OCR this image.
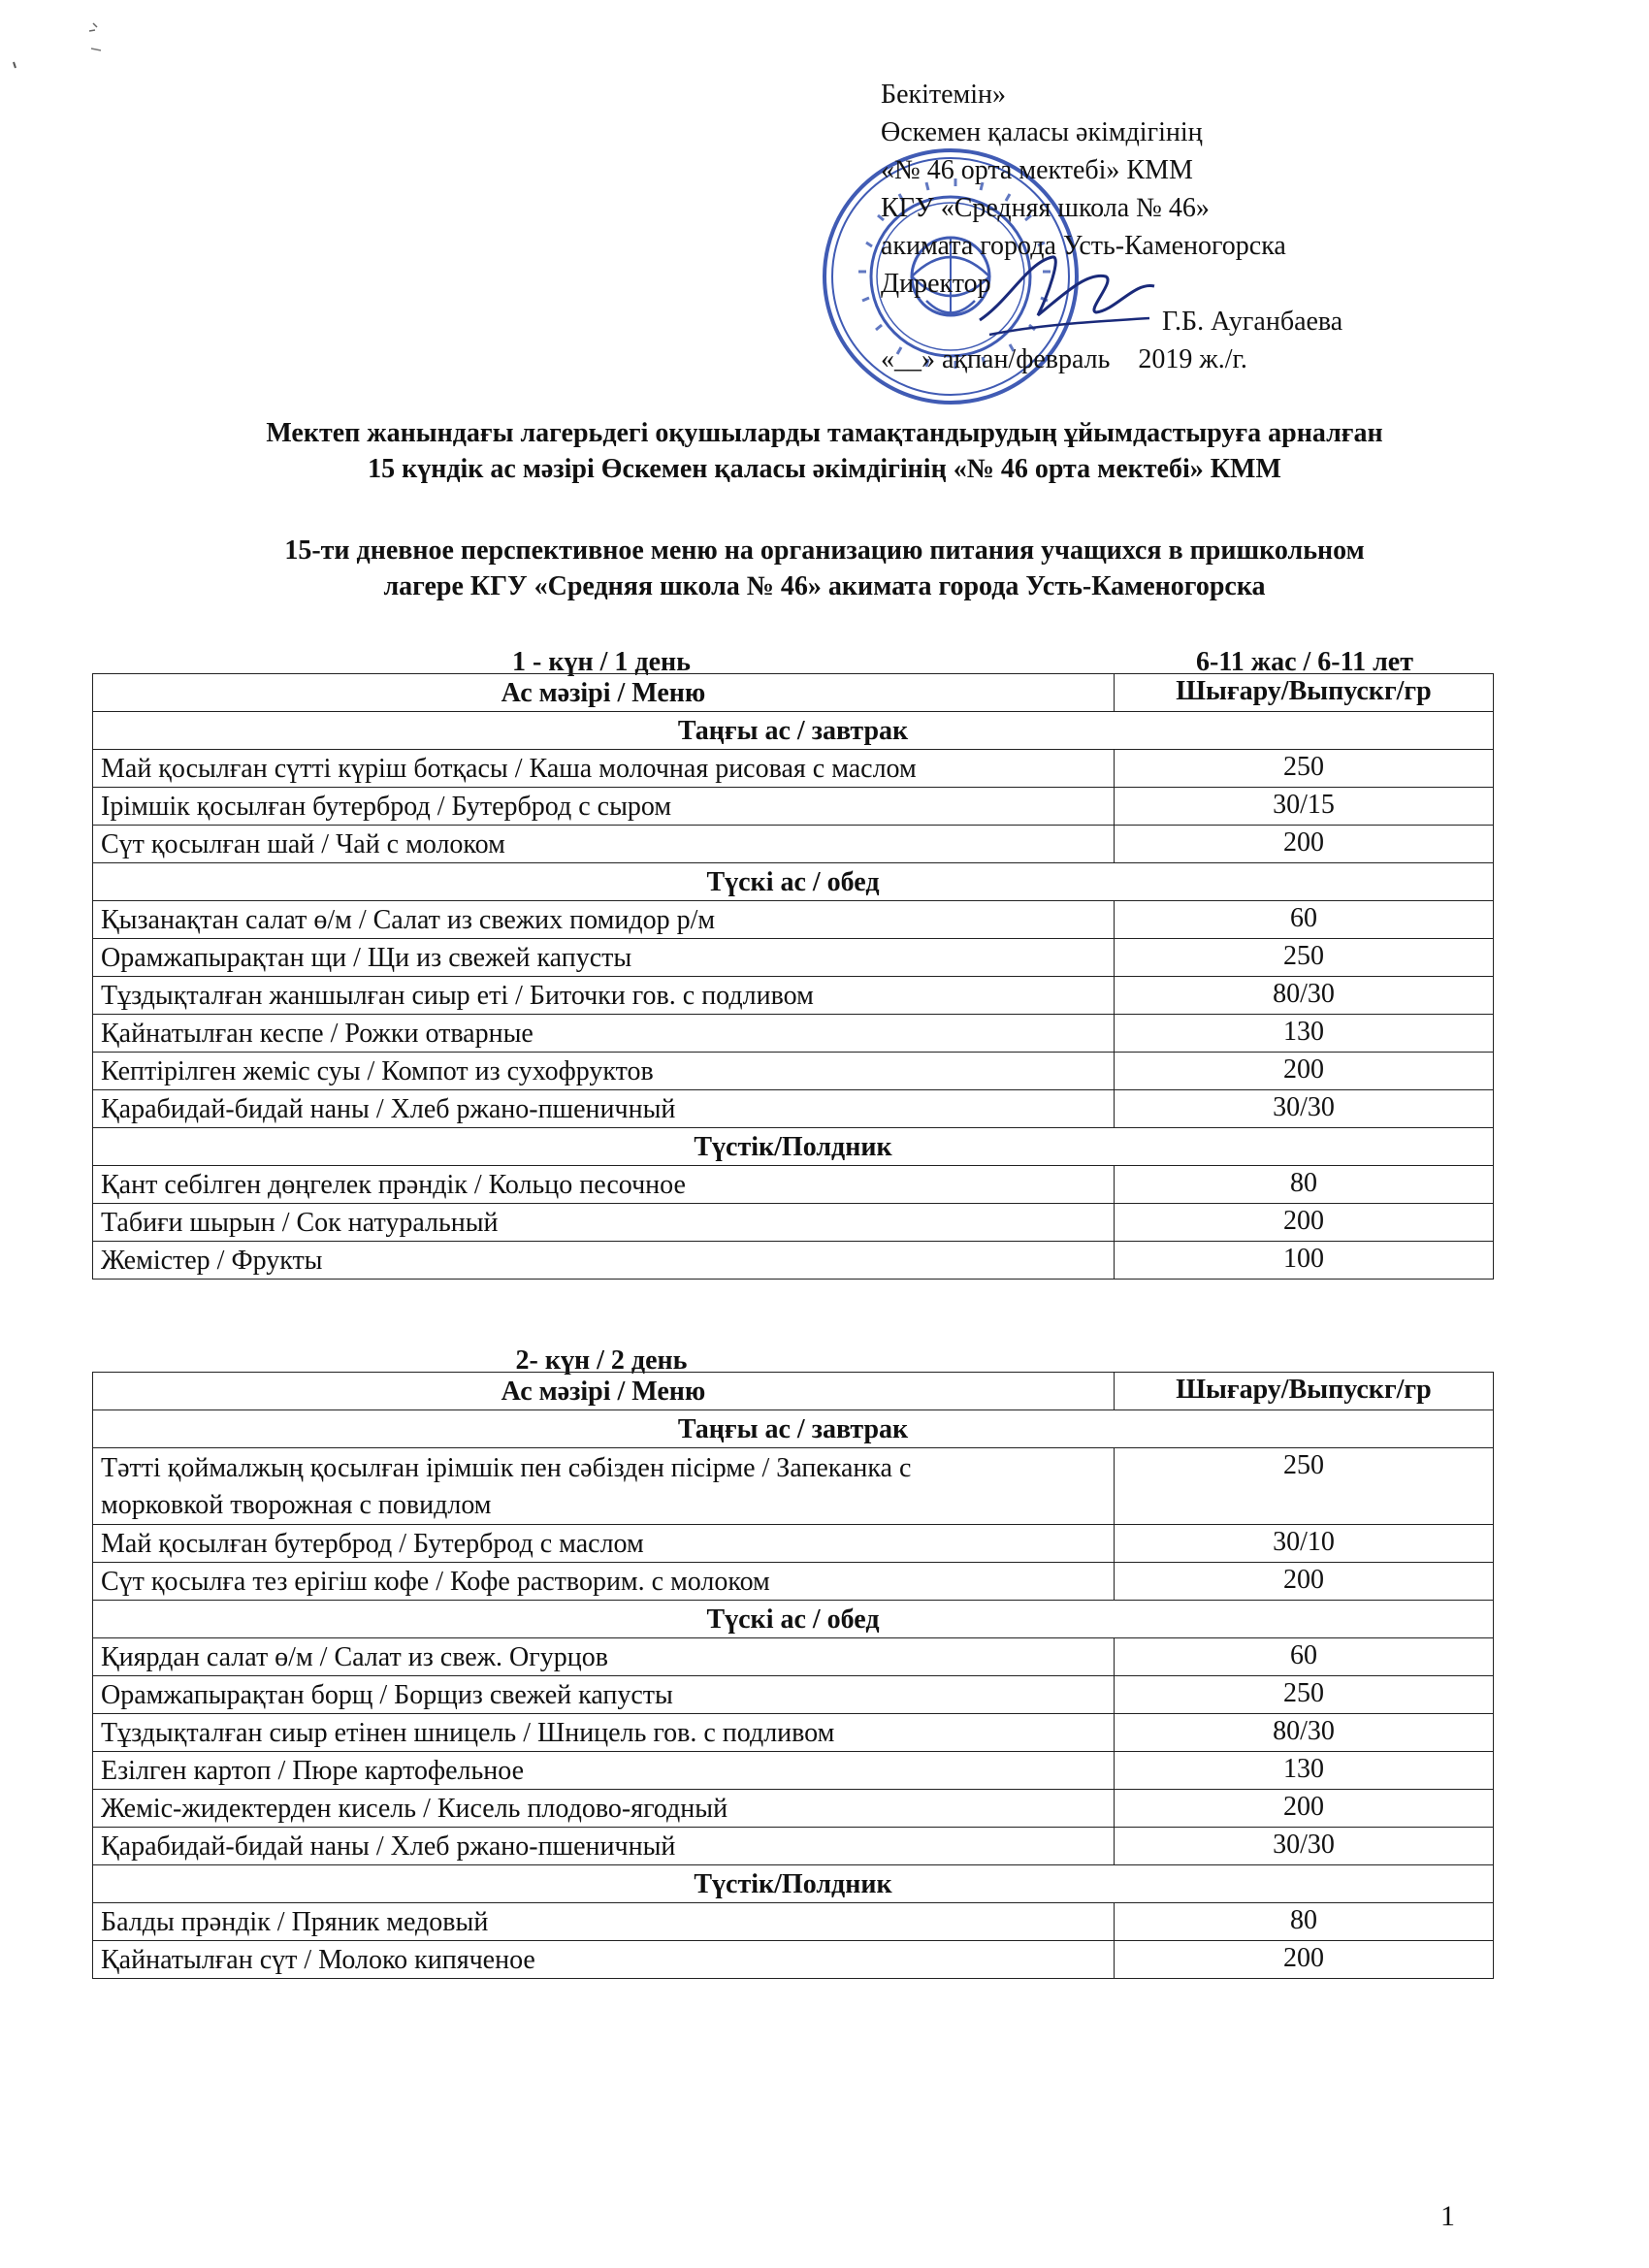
Бекітемін»
Өскемен қаласы әкімдігінің
«№ 46 орта мектебі» КММ
КГУ «Средняя школа № 46»
акимата города Усть-Каменогорска
Директор
Г.Б. Ауганбаева
«__» ақпан/февраль 2019 ж./г.
Мектеп жанындағы лагерьдегі оқушыларды тамақтандырудың ұйымдастыруға арналған
15 күндік ас мәзірі Өскемен қаласы әкімдігінің «№ 46 орта мектебі» КММ
15-ти дневное перспективное меню на организацию питания учащихся в пришкольном
лагере КГУ «Средняя школа № 46» акимата города Усть-Каменогорска
1 - күн / 1 день	6-11 жас / 6-11 лет
Ас мәзірі / Меню	Шығару/Выпускг/гр
Таңғы ас / завтрак	
Май қосылған сүтті күріш ботқасы / Каша молочная рисовая с маслом	250
Ірімшік қосылған бутерброд / Бутерброд с сыром	30/15
Сүт қосылған шай / Чай с молоком	200
Түскі ас / обед	
Қызанақтан салат ө/м / Салат из свежих помидор р/м	60
Орамжапырақтан щи / Щи из свежей капусты	250
Тұздықталған жаншылған сиыр еті / Биточки гов. с подливом	80/30
Қайнатылған кеспе / Рожки отварные	130
Кептірілген жеміс суы / Компот из сухофруктов	200
Қарабидай-бидай наны / Хлеб ржано-пшеничный	30/30
Түстік/Полдник	
Қант себілген дөңгелек прәндік / Кольцо песочное	80
Табиғи шырын / Сок натуральный	200
Жемістер / Фрукты	100
2- күн / 2 день
Ас мәзірі / Меню	Шығару/Выпускг/гр
Таңғы ас / завтрак	

Тәтті қоймалжың қосылған ірімшік пен сәбізден пісірме / Запеканка с
морковкой творожная с повидлом	250
Май қосылған бутерброд / Бутерброд с маслом	30/10
Сүт қосылға тез ерігіш кофе / Кофе растворим. с молоком	200
Түскі ас / обед	
Қиярдан салат ө/м / Салат из свеж. Огурцов	60
Орамжапырақтан борщ / Борщиз свежей капусты	250
Тұздықталған сиыр етінен шницель / Шницель гов. с подливом	80/30
Езілген картоп / Пюре картофельное	130
Жеміс-жидектерден кисель / Кисель плодово-ягодный	200
Қарабидай-бидай наны / Хлеб ржано-пшеничный	30/30
Түстік/Полдник	
Балды прәндік / Пряник медовый	80
Қайнатылған сүт / Молоко кипяченое	200
1
